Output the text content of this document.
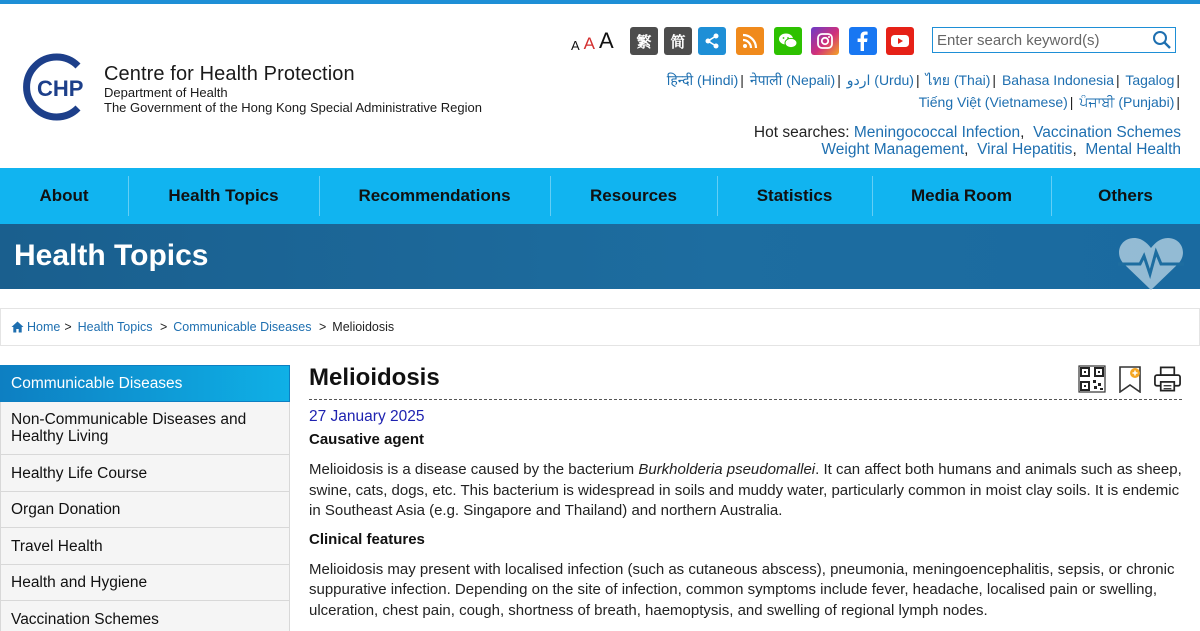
CHP
Centre for Health Protection
Department of Health
The Government of the Hong Kong Special Administrative Region
A A A	繁	简
Enter search keyword(s)
हिन्दी (Hindi) | नेपाली (Nepali) | اردو (Urdu) | ไทย (Thai) | Bahasa Indonesia | Tagalog |
Tiếng Việt (Vietnamese) | ਪੰਜਾਬੀ (Punjabi) |
Hot searches: Meningococcal Infection,  Vaccination Schemes
Weight Management,  Viral Hepatitis,  Mental Health
About	Health Topics	Recommendations	Resources	Statistics	Media Room	Others
Health Topics
Home > Health Topics > Communicable Diseases > Melioidosis
Communicable Diseases
Non-Communicable Diseases and Healthy Living
Healthy Life Course
Organ Donation
Travel Health
Health and Hygiene
Vaccination Schemes
Melioidosis
27 January 2025
Causative agent

Melioidosis is a disease caused by the bacterium Burkholderia pseudomallei. It can affect both humans and animals such as sheep, swine, cats, dogs, etc. This bacterium is widespread in soils and muddy water, particularly common in moist clay soils. It is endemic in Southeast Asia (e.g. Singapore and Thailand) and northern Australia.

Clinical features

Melioidosis may present with localised infection (such as cutaneous abscess), pneumonia, meningoencephalitis, sepsis, or chronic suppurative infection. Depending on the site of infection, common symptoms include fever, headache, localised pain or swelling, ulceration, chest pain, cough, shortness of breath, haemoptysis, and swelling of regional lymph nodes.
